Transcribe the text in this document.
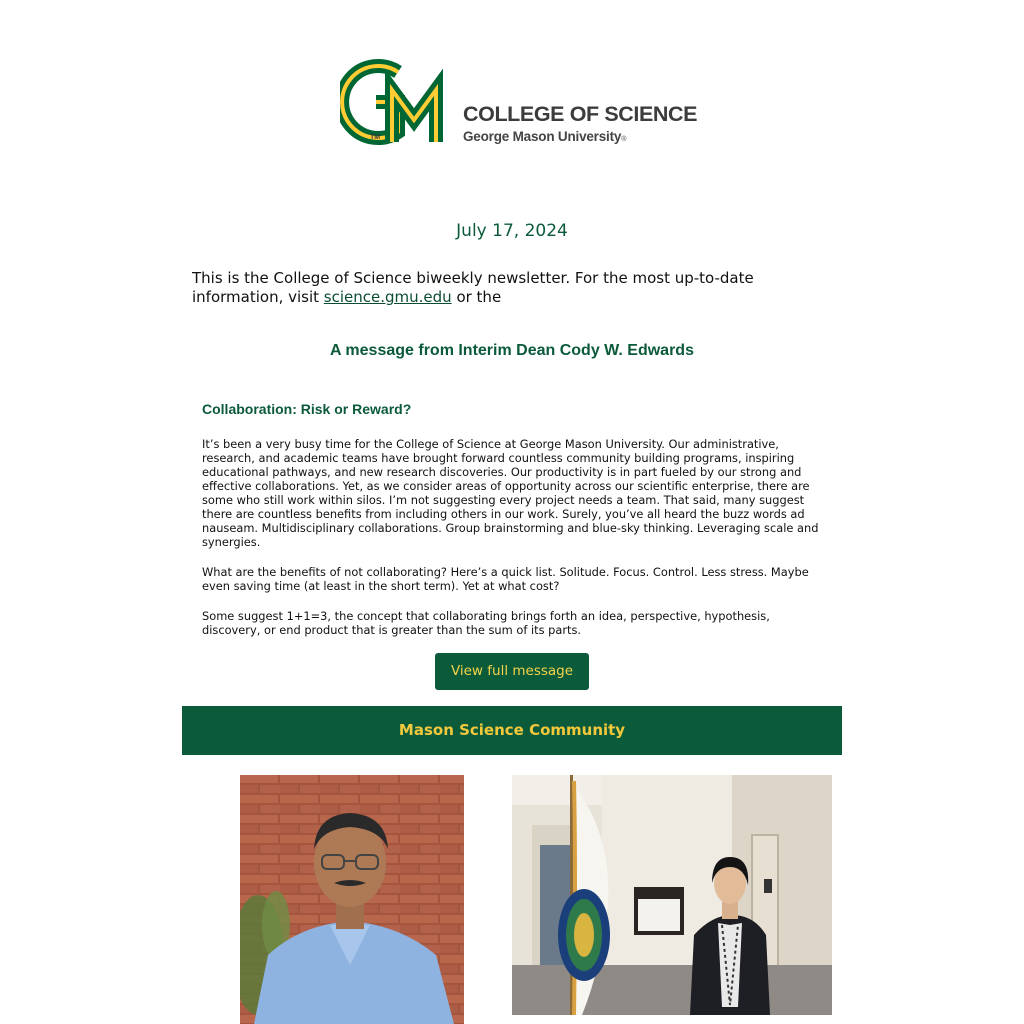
TM
COLLEGE OF SCIENCE
George Mason University®
July 17, 2024
This is the College of Science biweekly newsletter. For the most up-to-date information, visit science.gmu.edu or the
A message from Interim Dean Cody W. Edwards
Collaboration: Risk or Reward?

It’s been a very busy time for the College of Science at George Mason University. Our administrative, research, and academic teams have brought forward countless community building programs, inspiring educational pathways, and new research discoveries. Our productivity is in part fueled by our strong and effective collaborations. Yet, as we consider areas of opportunity across our scientific enterprise, there are some who still work within silos. I’m not suggesting every project needs a team. That said, many suggest there are countless benefits from including others in our work. Surely, you’ve all heard the buzz words ad nauseam. Multidisciplinary collaborations. Group brainstorming and blue-sky thinking. Leveraging scale and synergies.

What are the benefits of not collaborating? Here’s a quick list. Solitude. Focus. Control. Less stress. Maybe even saving time (at least in the short term). Yet at what cost?

Some suggest 1+1=3, the concept that collaborating brings forth an idea, perspective, hypothesis, discovery, or end product that is greater than the sum of its parts.

View full message
Mason Science Community
